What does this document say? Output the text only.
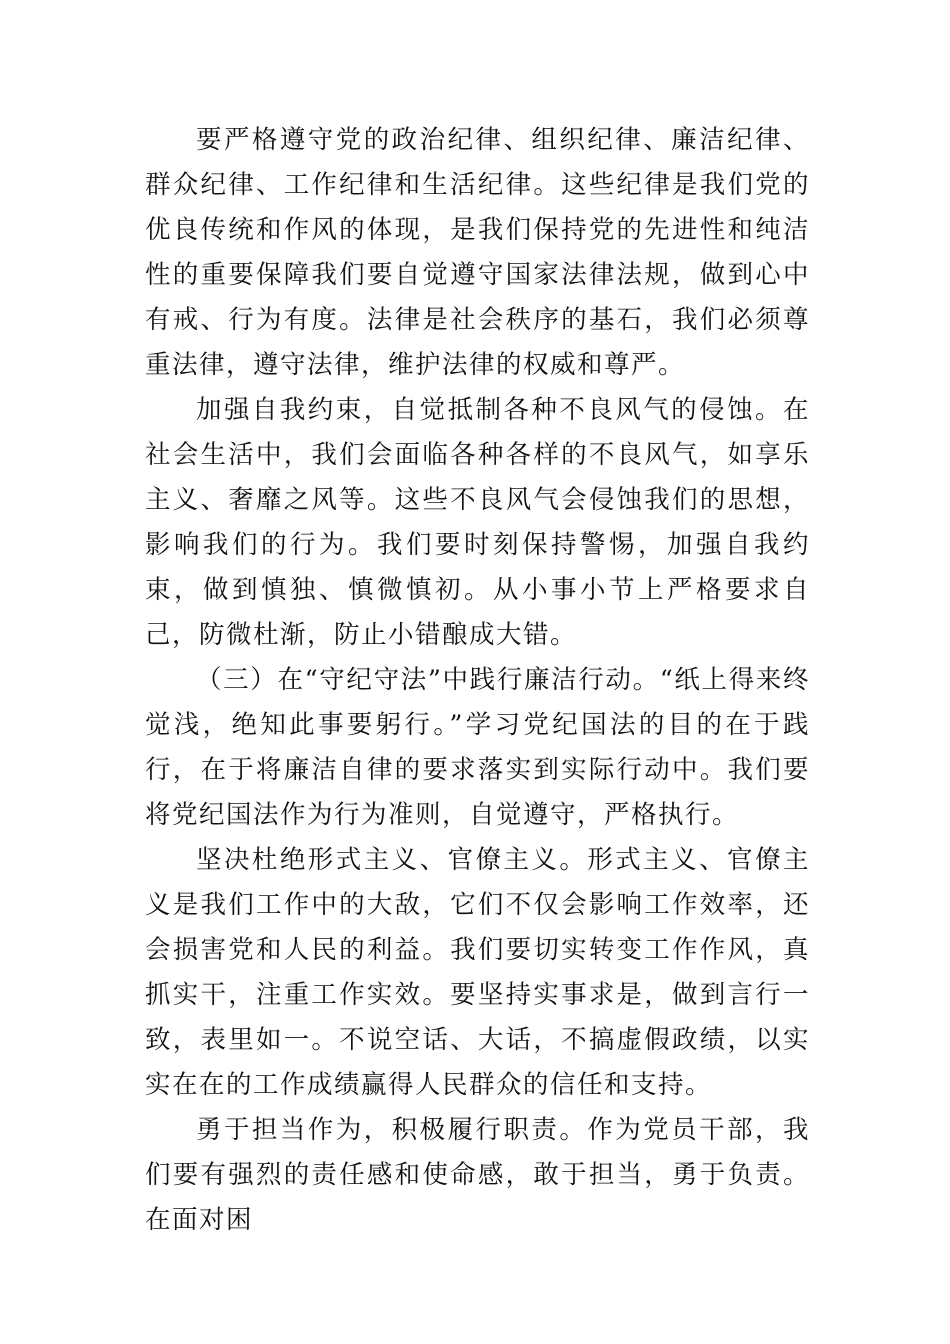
要严格遵守党的政治纪律、组织纪律、廉洁纪律、群众纪律、工作纪律和生活纪律。这些纪律是我们党的优良传统和作风的体现，是我们保持党的先进性和纯洁性的重要保障我们要自觉遵守国家法律法规，做到心中有戒、行为有度。法律是社会秩序的基石，我们必须尊重法律，遵守法律，维护法律的权威和尊严。

加强自我约束，自觉抵制各种不良风气的侵蚀。在社会生活中，我们会面临各种各样的不良风气，如享乐主义、奢靡之风等。这些不良风气会侵蚀我们的思想，影响我们的行为。我们要时刻保持警惕，加强自我约束，做到慎独、慎微慎初。从小事小节上严格要求自己，防微杜渐，防止小错酿成大错。

（三）在“守纪守法”中践行廉洁行动。“纸上得来终觉浅，绝知此事要躬行。”学习党纪国法的目的在于践行，在于将廉洁自律的要求落实到实际行动中。我们要将党纪国法作为行为准则，自觉遵守，严格执行。

坚决杜绝形式主义、官僚主义。形式主义、官僚主义是我们工作中的大敌，它们不仅会影响工作效率，还会损害党和人民的利益。我们要切实转变工作作风，真抓实干，注重工作实效。要坚持实事求是，做到言行一致，表里如一。不说空话、大话，不搞虚假政绩，以实实在在的工作成绩赢得人民群众的信任和支持。

勇于担当作为，积极履行职责。作为党员干部，我们要有强烈的责任感和使命感，敢于担当，勇于负责。在面对困
